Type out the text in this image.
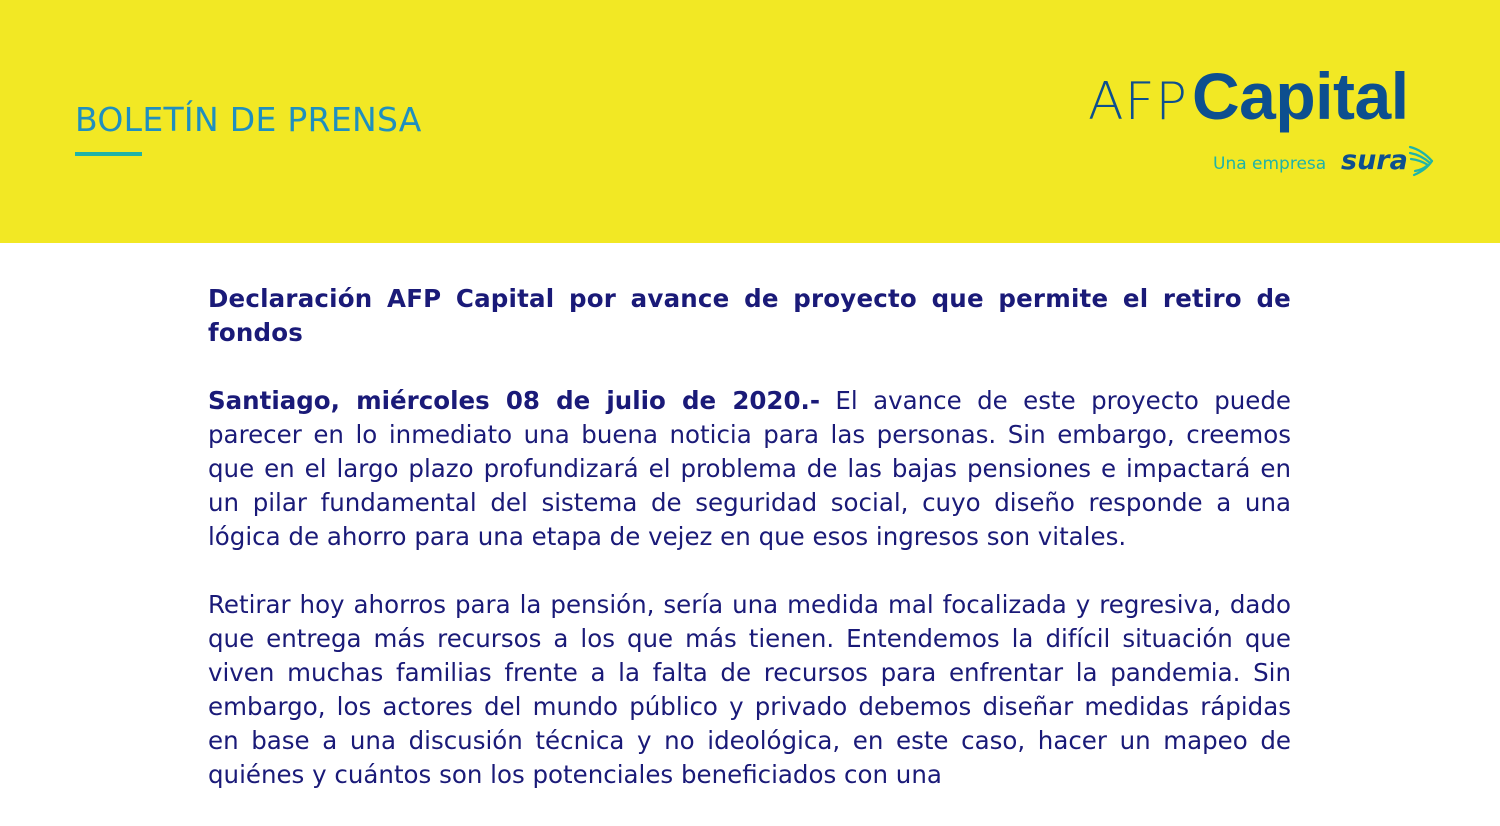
BOLETÍN DE PRENSA	AFP Capital
Una empresa sura

Declaración AFP Capital por avance de proyecto que permite el retiro de fondos

Santiago, miércoles 08 de julio de 2020.- El avance de este proyecto puede parecer en lo inmediato una buena noticia para las personas. Sin embargo, creemos que en el largo plazo profundizará el problema de las bajas pensiones e impactará en un pilar fundamental del sistema de seguridad social, cuyo diseño responde a una lógica de ahorro para una etapa de vejez en que esos ingresos son vitales.

Retirar hoy ahorros para la pensión, sería una medida mal focalizada y regresiva, dado que entrega más recursos a los que más tienen. Entendemos la difícil situación que viven muchas familias frente a la falta de recursos para enfrentar la pandemia. Sin embargo, los actores del mundo público y privado debemos diseñar medidas rápidas en base a una discusión técnica y no ideológica, en este caso, hacer un mapeo de quiénes y cuántos son los potenciales beneficiados con una
